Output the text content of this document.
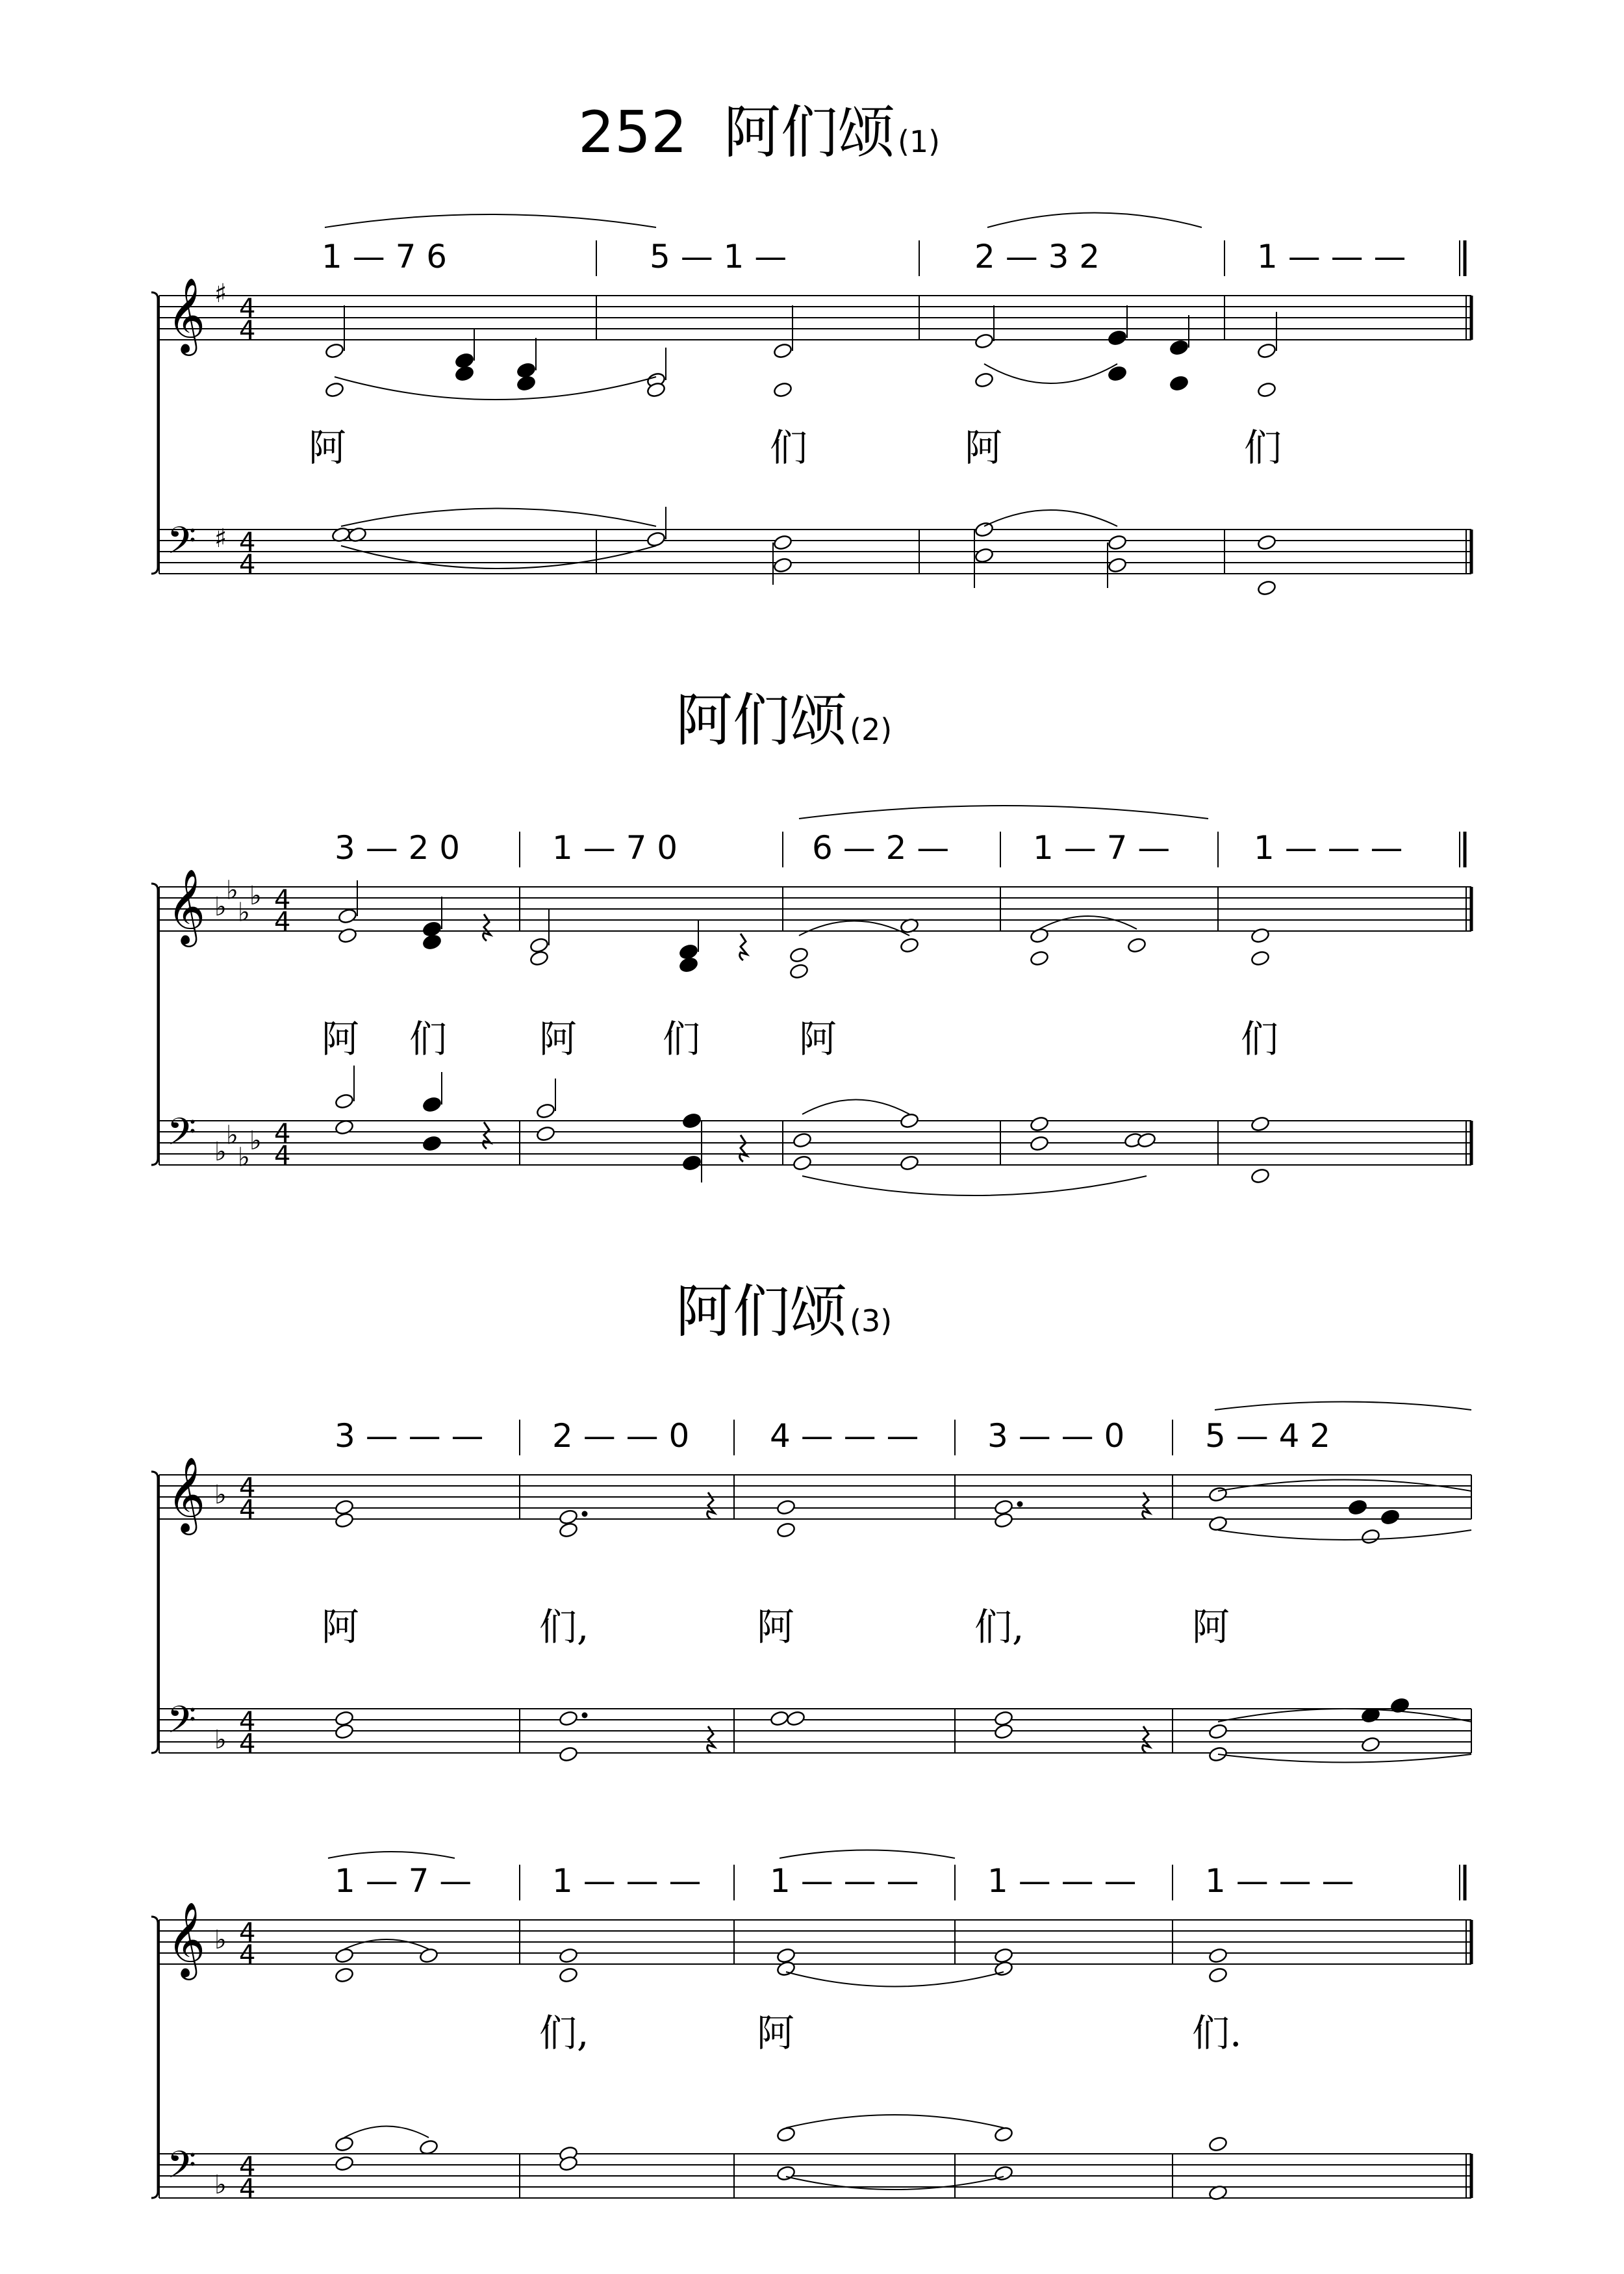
252 阿们颂(1)
阿们颂(2)
阿们颂(3)
1 — 7 6	5 — 1 —	2 — 3 2	1 — — —
3 — 2 0	1 — 7 0	6 — 2 —	1 — 7 —	1 — — —
3 — — — 2 — — 0 4 — — — 3 — — 0 5 — 4 2
1 — 7 — 1 — — — 1 — — — 1 — — — 1 — — —
阿	们	阿	们
阿 们 阿 们	阿	们
阿	们,	阿	们,	阿
们,	阿	们.
𝄞
𝄢
♯
♯
4
4
4
4
𝄞
𝄢
♭
♭
♭
♭
♭
♭
♭
♭
4
4
4
4
𝄞
𝄢
♭
♭
4
4
4
4
𝄞
𝄢
♭
♭
4
4
4
4
